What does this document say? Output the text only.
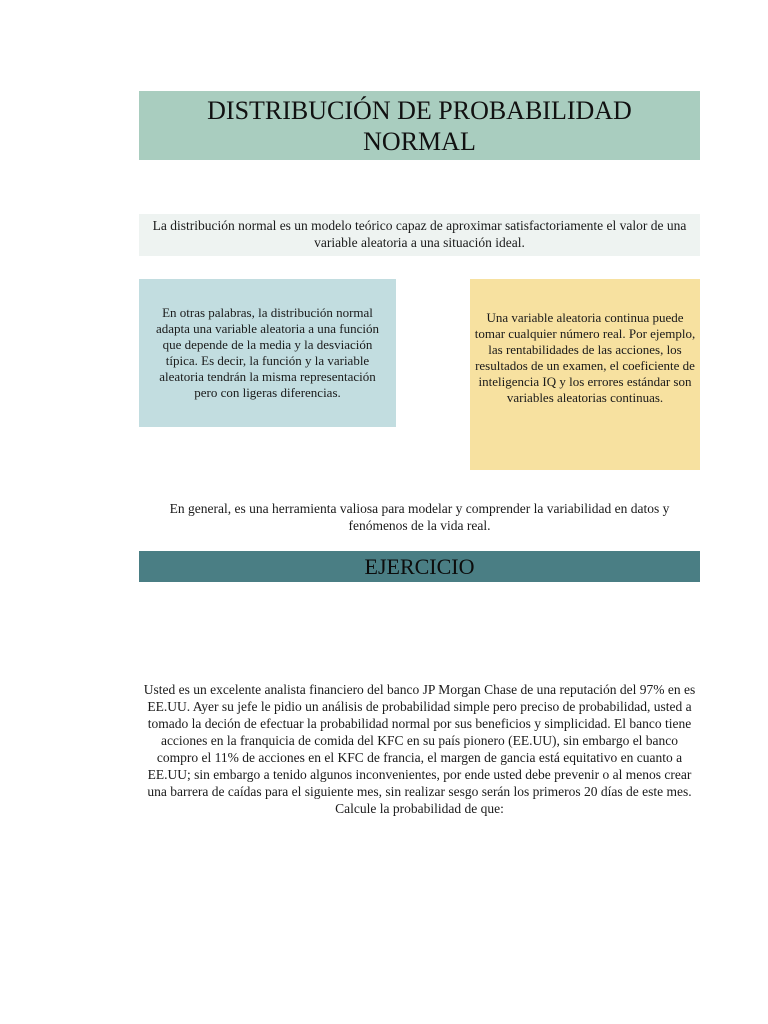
DISTRIBUCIÓN DE PROBABILIDAD
NORMAL
La distribución normal es un modelo teórico capaz de aproximar satisfactoriamente el valor de una variable aleatoria a una situación ideal.
En otras palabras, la distribución normal adapta una variable aleatoria a una función que depende de la media y la desviación típica. Es decir, la función y la variable aleatoria tendrán la misma representación pero con ligeras diferencias.
Una variable aleatoria continua puede tomar cualquier número real. Por ejemplo, las rentabilidades de las acciones, los resultados de un examen, el coeficiente de inteligencia IQ y los errores estándar son variables aleatorias continuas.
En general, es una herramienta valiosa para modelar y comprender la variabilidad en datos y fenómenos de la vida real.
EJERCICIO
Usted es un excelente analista financiero del banco JP Morgan Chase de una reputación del 97% en es EE.UU. Ayer su jefe le pidio un análisis de probabilidad simple pero preciso de probabilidad, usted a tomado la deción de efectuar la probabilidad normal por sus beneficios y simplicidad. El banco tiene acciones en la franquicia de comida del KFC en su país pionero (EE.UU), sin embargo el banco compro el 11% de acciones en el KFC de francia, el margen de gancia está equitativo en cuanto a EE.UU; sin embargo a tenido algunos inconvenientes, por ende usted debe prevenir o al menos crear una barrera de caídas para el siguiente mes, sin realizar sesgo serán los primeros 20 días de este mes. Calcule la probabilidad de que:
